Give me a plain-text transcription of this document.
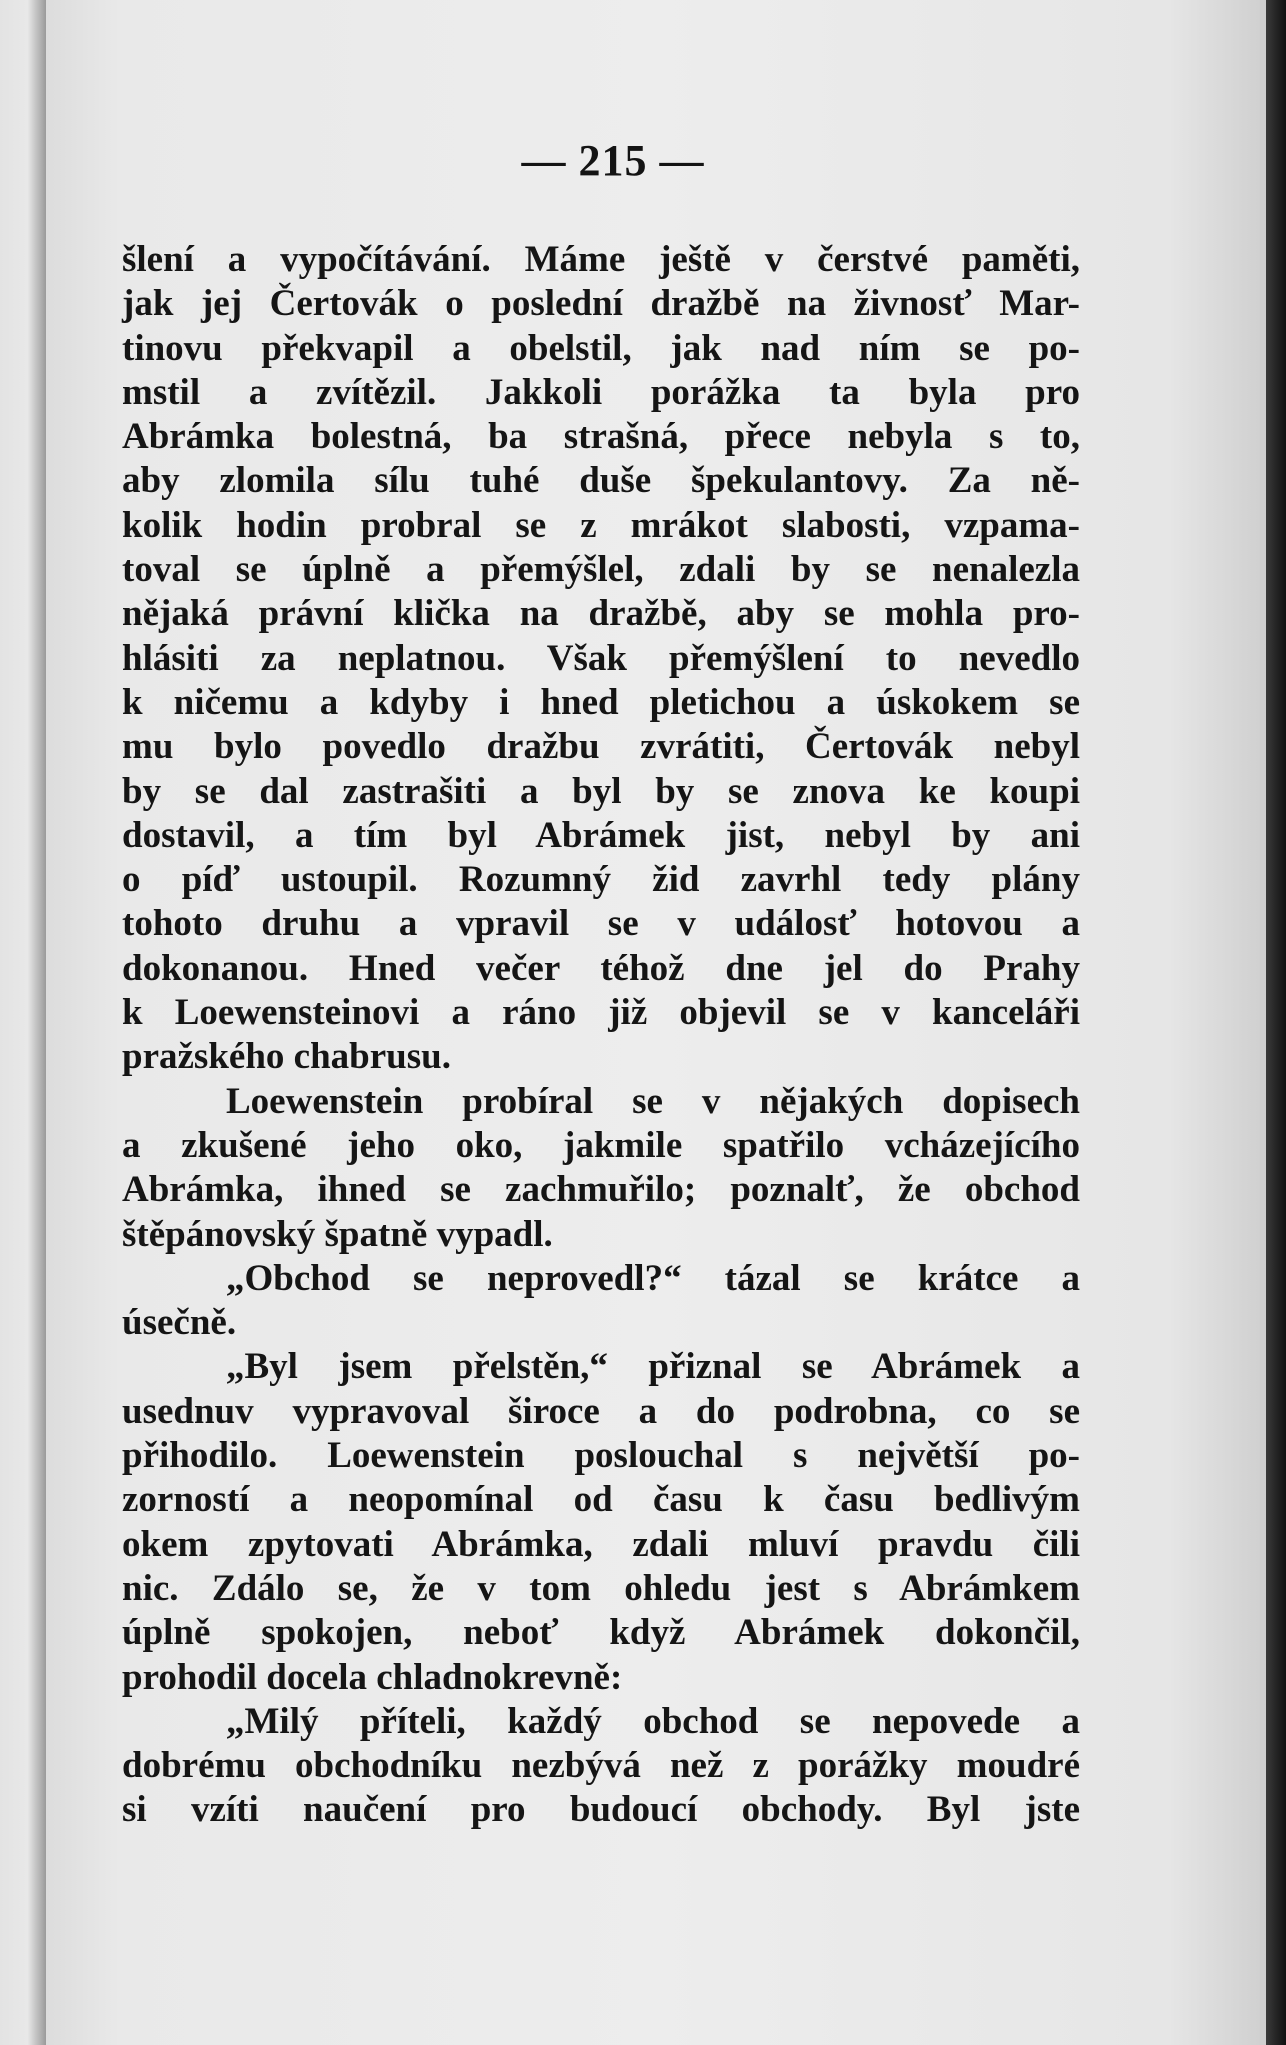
— 215 —

šlení a vypočítávání. Máme ještě v čerstvé paměti,

jak jej Čertovák o poslední dražbě na živnosť Mar-

tinovu překvapil a obelstil, jak nad ním se po-

mstil a zvítězil. Jakkoli porážka ta byla pro

Abrámka bolestná, ba strašná, přece nebyla s to,

aby zlomila sílu tuhé duše špekulantovy. Za ně-

kolik hodin probral se z mrákot slabosti, vzpama-

toval se úplně a přemýšlel, zdali by se nenalezla

nějaká právní klička na dražbě, aby se mohla pro-

hlásiti za neplatnou. Však přemýšlení to nevedlo

k ničemu a kdyby i hned pletichou a úskokem se

mu bylo povedlo dražbu zvrátiti, Čertovák nebyl

by se dal zastrašiti a byl by se znova ke koupi

dostavil, a tím byl Abrámek jist, nebyl by ani

o píď ustoupil. Rozumný žid zavrhl tedy plány

tohoto druhu a vpravil se v událosť hotovou a

dokonanou. Hned večer téhož dne jel do Prahy

k Loewensteinovi a ráno již objevil se v kanceláři

pražského chabrusu.

Loewenstein probíral se v nějakých dopisech

a zkušené jeho oko, jakmile spatřilo vcházejícího

Abrámka, ihned se zachmuřilo; poznalť, že obchod

štěpánovský špatně vypadl.

„Obchod se neprovedl?“ tázal se krátce a

úsečně.

„Byl jsem přelstěn,“ přiznal se Abrámek a

usednuv vypravoval široce a do podrobna, co se

přihodilo. Loewenstein poslouchal s největší po-

zorností a neopomínal od času k času bedlivým

okem zpytovati Abrámka, zdali mluví pravdu čili

nic. Zdálo se, že v tom ohledu jest s Abrámkem

úplně spokojen, neboť když Abrámek dokončil,

prohodil docela chladnokrevně:

„Milý příteli, každý obchod se nepovede a

dobrému obchodníku nezbývá než z porážky moudré

si vzíti naučení pro budoucí obchody. Byl jste
